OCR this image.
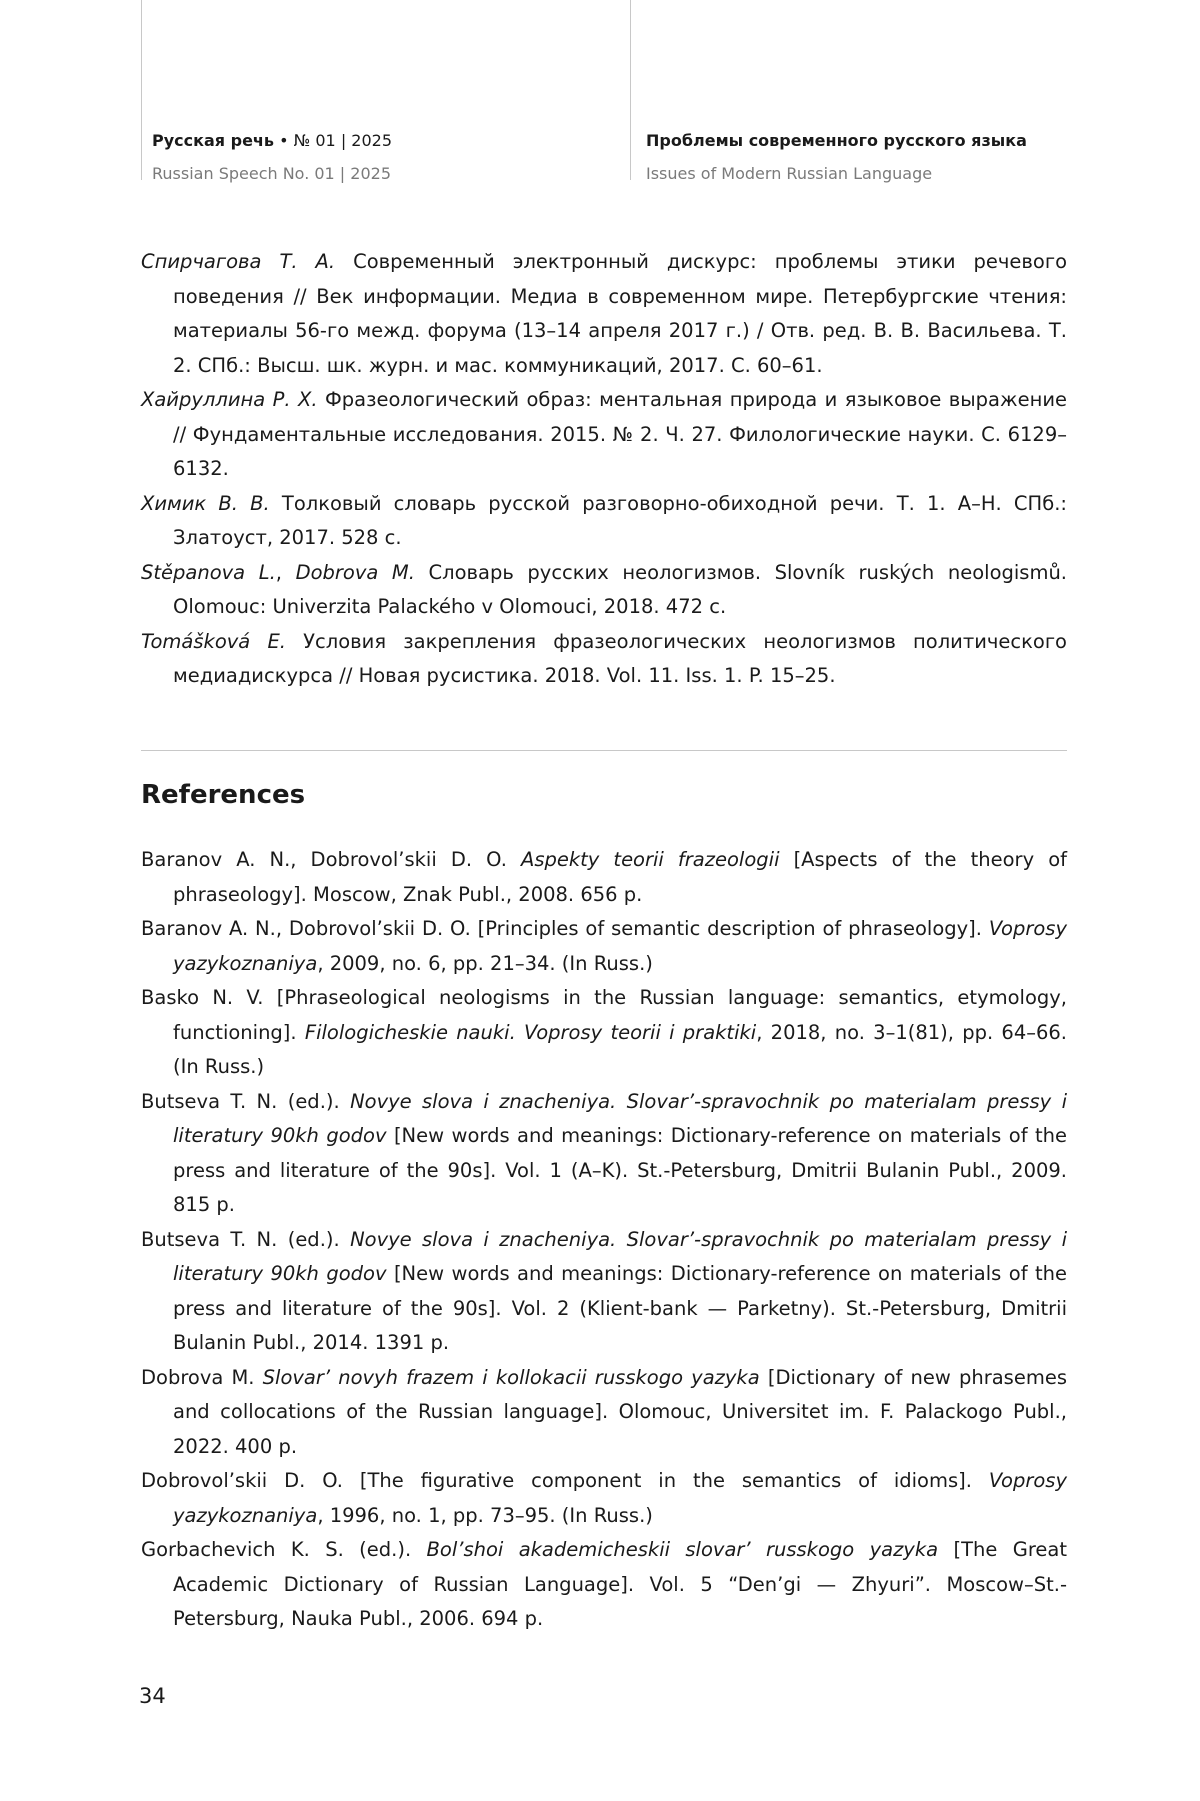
Русская речь • № 01 | 2025
Russian Speech No. 01 | 2025
Проблемы современного русского языка
Issues of Modern Russian Language

Спирчагова Т. А. Современный электронный дискурс: проблемы этики речевого поведения // Век информации. Медиа в современном мире. Петербургские чтения: материалы 56-го межд. форума (13–14 апреля 2017 г.) / Отв. ред. В. В. Васильева. Т. 2. СПб.: Высш. шк. журн. и мас. коммуникаций, 2017. С. 60–61.

Хайруллина Р. Х. Фразеологический образ: ментальная природа и языковое выражение // Фундаментальные исследования. 2015. № 2. Ч. 27. Филологические науки. С. 6129–6132.

Химик В. В. Толковый словарь русской разговорно-обиходной речи. Т. 1. А–Н. СПб.: Златоуст, 2017. 528 с.

Stěpanova L., Dobrova M. Словарь русских неологизмов. Slovník ruských neologismů. Olomouc: Univerzita Palackého v Olomouci, 2018. 472 с.

Tomášková E. Условия закрепления фразеологических неологизмов политического медиадискурса // Новая русистика. 2018. Vol. 11. Iss. 1. P. 15–25.

References

Baranov A. N., Dobrovol’skii D. O. Aspekty teorii frazeologii [Aspects of the theory of phraseology]. Moscow, Znak Publ., 2008. 656 p.

Baranov A. N., Dobrovol’skii D. O. [Principles of semantic description of phraseology]. Voprosy yazykoznaniya, 2009, no. 6, pp. 21–34. (In Russ.)

Basko N. V. [Phraseological neologisms in the Russian language: semantics, etymology, functioning]. Filologicheskie nauki. Voprosy teorii i praktiki, 2018, no. 3–1(81), pp. 64–66. (In Russ.)

Butseva T. N. (ed.). Novye slova i znacheniya. Slovar’-spravochnik po materialam pressy i literatury 90kh godov [New words and meanings: Dictionary-reference on materials of the press and literature of the 90s]. Vol. 1 (A–K). St.-Petersburg, Dmitrii Bulanin Publ., 2009. 815 p.

Butseva T. N. (ed.). Novye slova i znacheniya. Slovar’-spravochnik po materialam pressy i literatury 90kh godov [New words and meanings: Dictionary-reference on materials of the press and literature of the 90s]. Vol. 2 (Klient-bank — Parketny). St.-Petersburg, Dmitrii Bulanin Publ., 2014. 1391 p.

Dobrova M. Slovar’ novyh frazem i kollokacii russkogo yazyka [Dictionary of new phrasemes and collocations of the Russian language]. Olomouc, Universitet im. F. Palackogo Publ., 2022. 400 p.

Dobrovol’skii D. O. [The figurative component in the semantics of idioms]. Voprosy yazykoznaniya, 1996, no. 1, pp. 73–95. (In Russ.)

Gorbachevich K. S. (ed.). Bol’shoi akademicheskii slovar’ russkogo yazyka [The Great Academic Dictionary of Russian Language]. Vol. 5 “Den’gi — Zhyuri”. Moscow–St.-Petersburg, Nauka Publ., 2006. 694 p.

34
